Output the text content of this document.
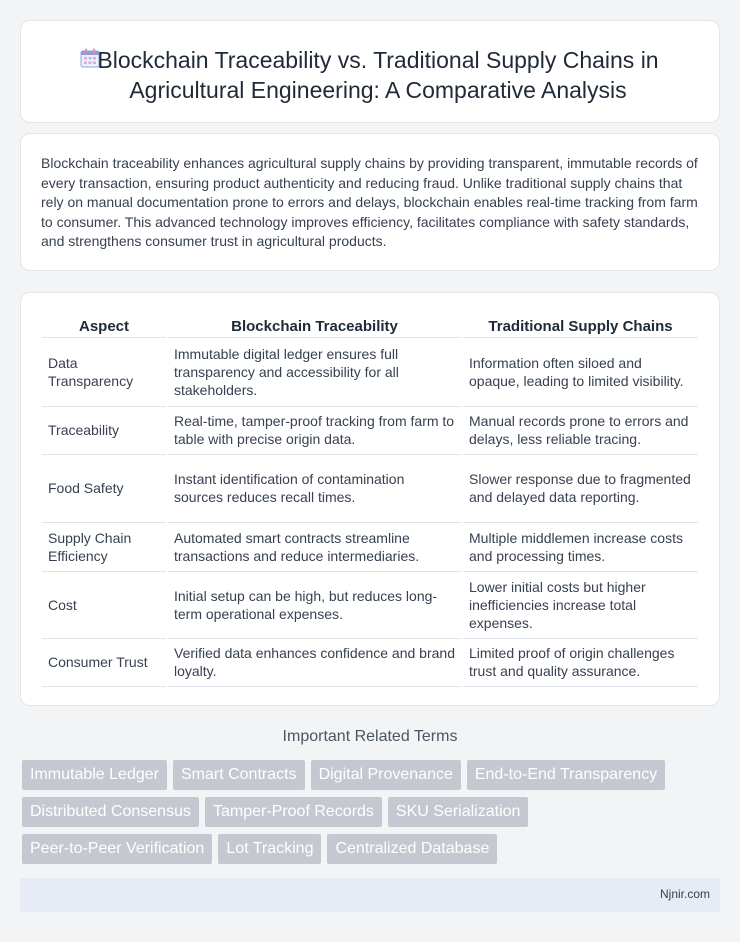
Blockchain Traceability vs. Traditional Supply Chains in Agricultural Engineering: A Comparative Analysis

Blockchain traceability enhances agricultural supply chains by providing transparent, immutable records of every transaction, ensuring product authenticity and reducing fraud. Unlike traditional supply chains that rely on manual documentation prone to errors and delays, blockchain enables real-time tracking from farm to consumer. This advanced technology improves efficiency, facilitates compliance with safety standards, and strengthens consumer trust in agricultural products.

Aspect	Blockchain Traceability	Traditional Supply Chains
Data Transparency	Immutable digital ledger ensures full transparency and accessibility for all stakeholders.	Information often siloed and opaque, leading to limited visibility.
Traceability	Real-time, tamper-proof tracking from farm to table with precise origin data.	Manual records prone to errors and delays, less reliable tracing.
Food Safety	Instant identification of contamination sources reduces recall times.	Slower response due to fragmented and delayed data reporting.
Supply Chain Efficiency	Automated smart contracts streamline transactions and reduce intermediaries.	Multiple middlemen increase costs and processing times.
Cost	Initial setup can be high, but reduces long-term operational expenses.	Lower initial costs but higher inefficiencies increase total expenses.
Consumer Trust	Verified data enhances confidence and brand loyalty.	Limited proof of origin challenges trust and quality assurance.
Important Related Terms
Immutable Ledger	Smart Contracts	Digital Provenance	End-to-End Transparency
Distributed Consensus	Tamper-Proof Records	SKU Serialization
Peer-to-Peer Verification	Lot Tracking	Centralized Database
Njnir.com
